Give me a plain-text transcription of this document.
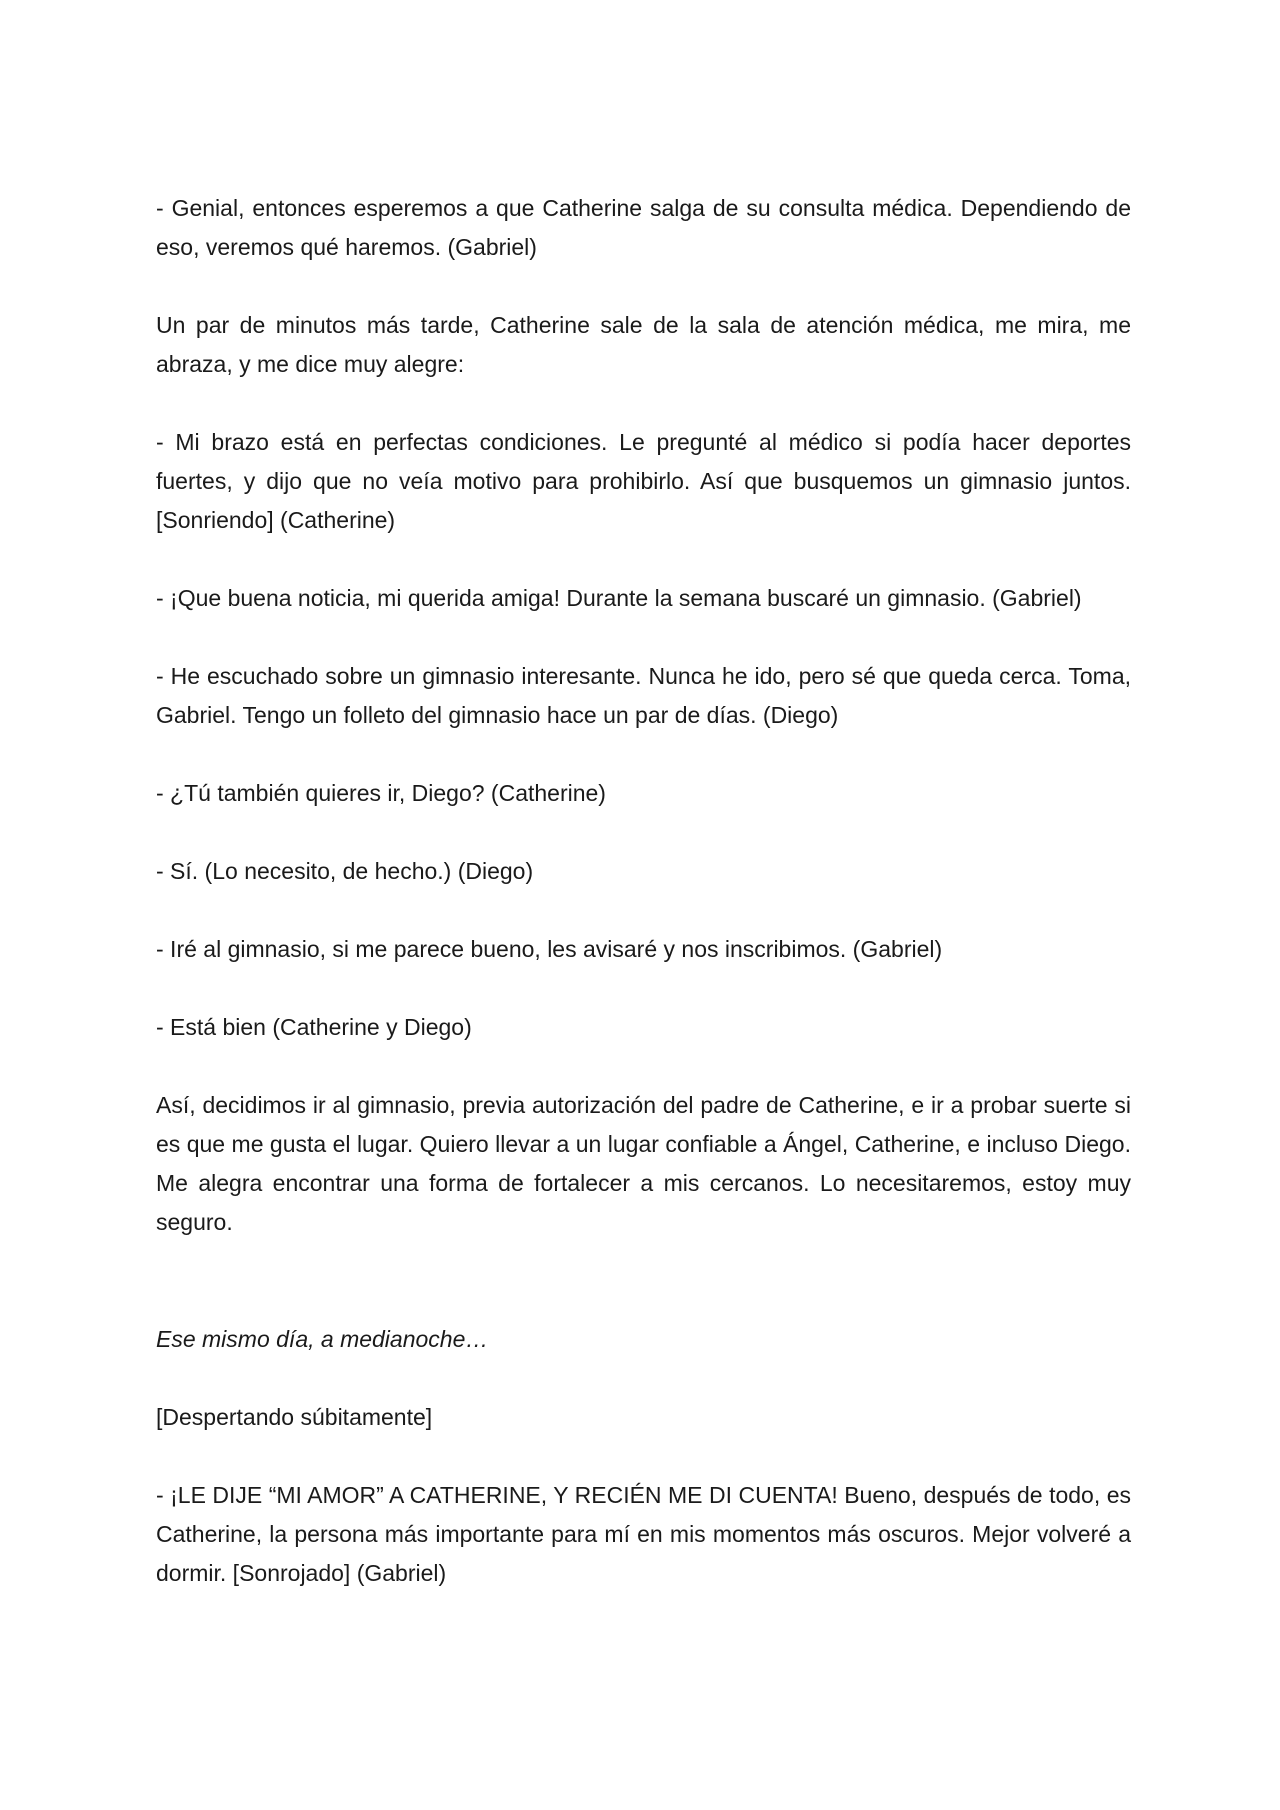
- Genial, entonces esperemos a que Catherine salga de su consulta médica. Dependiendo de eso, veremos qué haremos. (Gabriel)

Un par de minutos más tarde, Catherine sale de la sala de atención médica, me mira, me abraza, y me dice muy alegre:

- Mi brazo está en perfectas condiciones. Le pregunté al médico si podía hacer deportes fuertes, y dijo que no veía motivo para prohibirlo. Así que busquemos un gimnasio juntos. [Sonriendo] (Catherine)

- ¡Que buena noticia, mi querida amiga! Durante la semana buscaré un gimnasio. (Gabriel)

- He escuchado sobre un gimnasio interesante. Nunca he ido, pero sé que queda cerca. Toma, Gabriel. Tengo un folleto del gimnasio hace un par de días. (Diego)

- ¿Tú también quieres ir, Diego? (Catherine)

- Sí. (Lo necesito, de hecho.) (Diego)

- Iré al gimnasio, si me parece bueno, les avisaré y nos inscribimos. (Gabriel)

- Está bien (Catherine y Diego)

Así, decidimos ir al gimnasio, previa autorización del padre de Catherine, e ir a probar suerte si es que me gusta el lugar. Quiero llevar a un lugar confiable a Ángel, Catherine, e incluso Diego. Me alegra encontrar una forma de fortalecer a mis cercanos. Lo necesitaremos, estoy muy seguro.

Ese mismo día, a medianoche…

[Despertando súbitamente]

- ¡LE DIJE “MI AMOR” A CATHERINE, Y RECIÉN ME DI CUENTA! Bueno, después de todo, es Catherine, la persona más importante para mí en mis momentos más oscuros. Mejor volveré a dormir. [Sonrojado] (Gabriel)
